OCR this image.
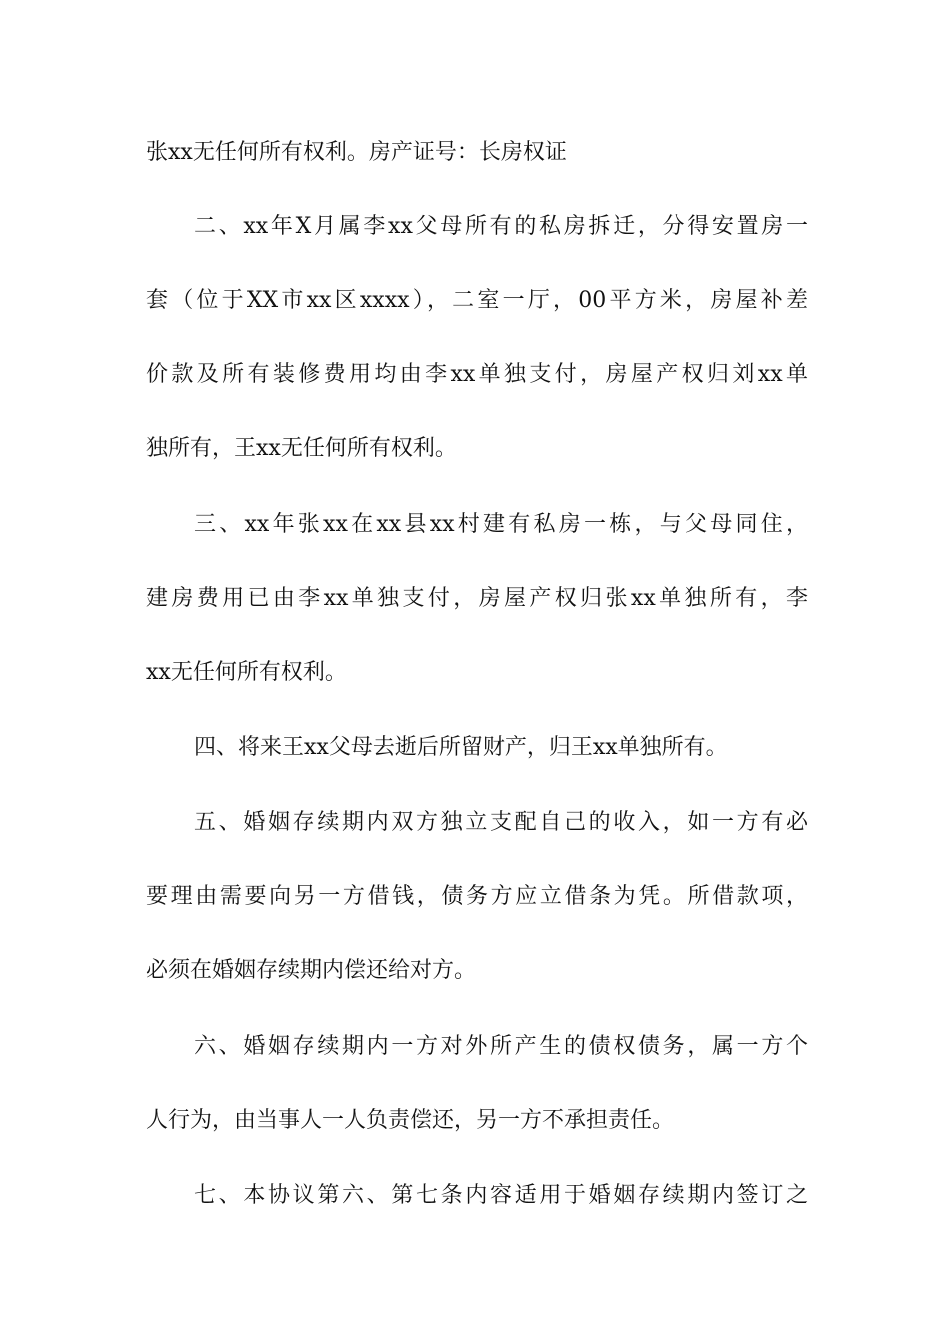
张xx无任何所有权利。房产证号：长房权证

二、xx年X月属李xx父母所有的私房拆迁，分得安置房一

套（位于XX市xx区xxxx），二室一厅，00平方米，房屋补差

价款及所有装修费用均由李xx单独支付，房屋产权归刘xx单

独所有，王xx无任何所有权利。

三、xx年张xx在xx县xx村建有私房一栋，与父母同住，

建房费用已由李xx单独支付，房屋产权归张xx单独所有，李

xx无任何所有权利。

四、将来王xx父母去逝后所留财产，归王xx单独所有。

五、婚姻存续期内双方独立支配自己的收入，如一方有必

要理由需要向另一方借钱，债务方应立借条为凭。所借款项，

必须在婚姻存续期内偿还给对方。

六、婚姻存续期内一方对外所产生的债权债务，属一方个

人行为，由当事人一人负责偿还，另一方不承担责任。

七、本协议第六、第七条内容适用于婚姻存续期内签订之
